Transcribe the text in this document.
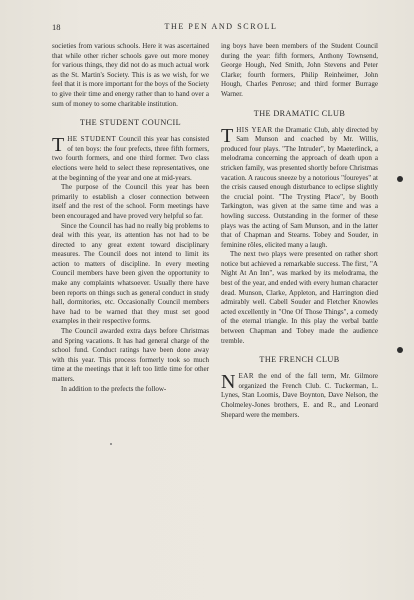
18	THE PEN AND SCROLL

societies from various schools. Here it was ascertained that while other richer schools gave out more money for various things, they did not do as much actual work as the St. Martin's Society. This is as we wish, for we feel that it is more important for the boys of the Society to give their time and energy rather than to hand over a sum of money to some charitable institution.

THE STUDENT COUNCIL

THE STUDENT Council this year has consisted of ten boys: the four prefects, three fifth formers, two fourth formers, and one third former. Two class elections were held to select these representatives, one at the beginning of the year and one at mid-years.

The purpose of the Council this year has been primarily to establish a closer connection between itself and the rest of the school. Form meetings have been encouraged and have proved very helpful so far.

Since the Council has had no really big problems to deal with this year, its attention has not had to be directed to any great extent toward disciplinary measures. The Council does not intend to limit its action to matters of discipline. In every meeting Council members have been given the opportunity to make any complaints whatsoever. Usually there have been reports on things such as general conduct in study hall, dormitories, etc. Occasionally Council members have had to be warned that they must set good examples in their respective forms.

The Council awarded extra days before Christmas and Spring vacations. It has had general charge of the school fund. Conduct ratings have been done away with this year. This process formerly took so much time at the meetings that it left too little time for other matters.

In addition to the prefects the follow-

ing boys have been members of the Student Council during the year: fifth formers, Anthony Townsend, George Hough, Ned Smith, John Stevens and Peter Clarke; fourth formers, Philip Reinheimer, John Hough, Charles Penrose; and third former Burrage Warner.

THE DRAMATIC CLUB

THIS YEAR the Dramatic Club, ably directed by Sam Munson and coached by Mr. Willis, produced four plays. "The Intruder", by Maeterlinck, a melodrama concerning the approach of death upon a stricken family, was presented shortly before Christmas vacation. A raucous sneeze by a notorious "foureyes" at the crisis caused enough disturbance to eclipse slightly the crucial point. "The Trysting Place", by Booth Tarkington, was given at the same time and was a howling success. Outstanding in the former of these plays was the acting of Sam Munson, and in the latter that of Chapman and Stearns. Tobey and Souder, in feminine rôles, elicited many a laugh.

The next two plays were presented on rather short notice but achieved a remarkable success. The first, "A Night At An Inn", was marked by its melodrama, the best of the year, and ended with every human character dead. Munson, Clarke, Appleton, and Harrington died admirably well. Cabell Souder and Fletcher Knowles acted excellently in "One Of Those Things", a comedy of the eternal triangle. In this play the verbal battle between Chapman and Tobey made the audience tremble.

THE FRENCH CLUB

NEAR the end of the fall term, Mr. Gilmore organized the French Club. C. Tuckerman, L. Lynes, Stan Loomis, Dave Boynton, Dave Nelson, the Cholmeley-Jones brothers, E. and R., and Leonard Shepard were the members.
